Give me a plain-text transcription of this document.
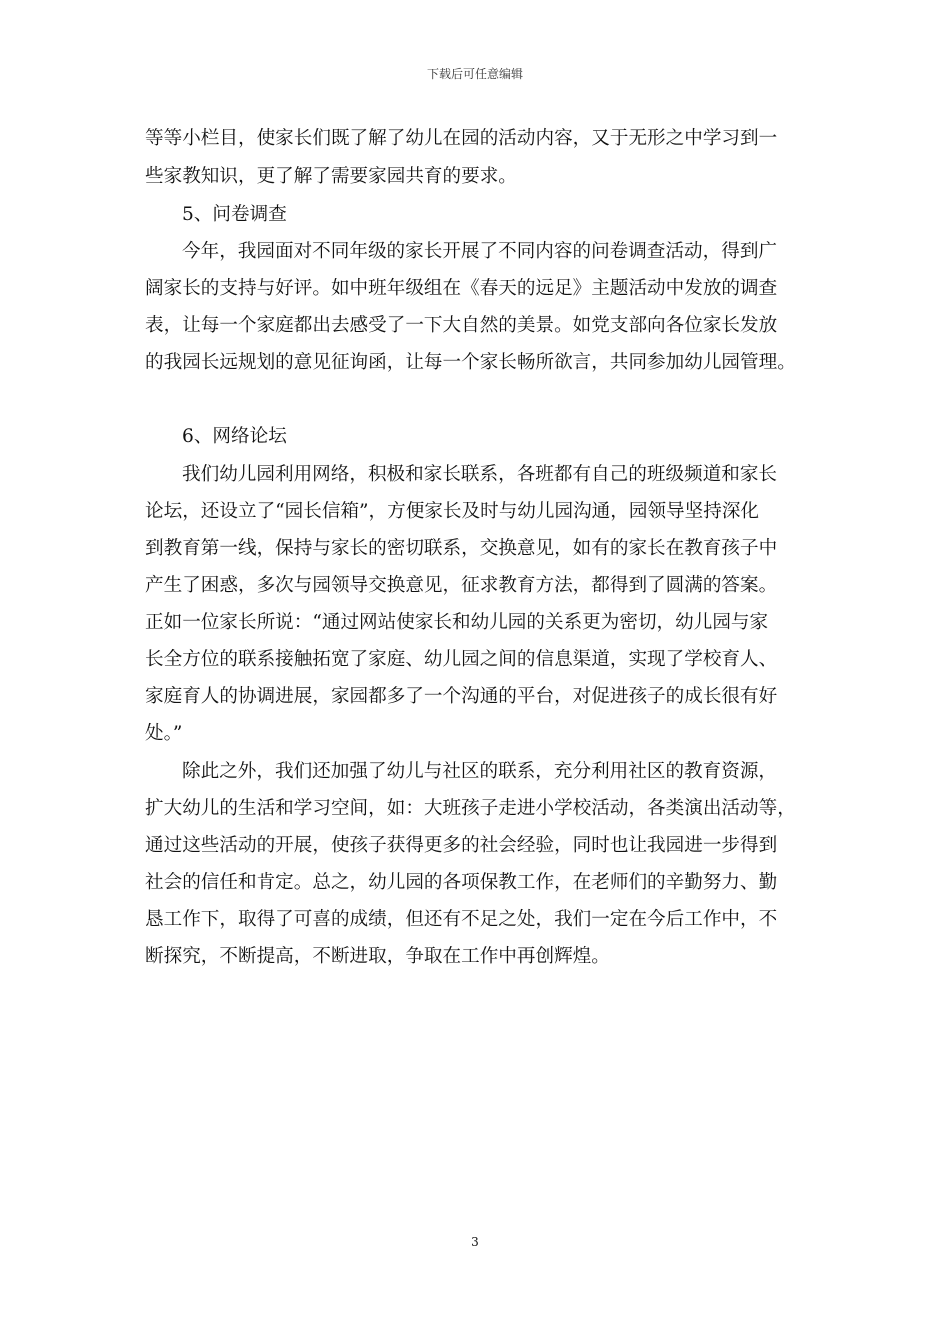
下载后可任意编辑
等等小栏目，使家长们既了解了幼儿在园的活动内容，又于无形之中学习到一
些家教知识，更了解了需要家园共育的要求。
5、问卷调查
今年，我园面对不同年级的家长开展了不同内容的问卷调查活动，得到广
阔家长的支持与好评。如中班年级组在《春天的远足》主题活动中发放的调查
表，让每一个家庭都出去感受了一下大自然的美景。如党支部向各位家长发放
的我园长远规划的意见征询函，让每一个家长畅所欲言，共同参加幼儿园管理。
6、网络论坛
我们幼儿园利用网络，积极和家长联系，各班都有自己的班级频道和家长
论坛，还设立了“园长信箱”，方便家长及时与幼儿园沟通，园领导坚持深化
到教育第一线，保持与家长的密切联系，交换意见，如有的家长在教育孩子中
产生了困惑，多次与园领导交换意见，征求教育方法，都得到了圆满的答案。
正如一位家长所说：“通过网站使家长和幼儿园的关系更为密切，幼儿园与家
长全方位的联系接触拓宽了家庭、幼儿园之间的信息渠道，实现了学校育人、
家庭育人的协调进展，家园都多了一个沟通的平台，对促进孩子的成长很有好
处。”
除此之外，我们还加强了幼儿与社区的联系，充分利用社区的教育资源，
扩大幼儿的生活和学习空间，如：大班孩子走进小学校活动，各类演出活动等，
通过这些活动的开展，使孩子获得更多的社会经验，同时也让我园进一步得到
社会的信任和肯定。总之，幼儿园的各项保教工作，在老师们的辛勤努力、勤
恳工作下，取得了可喜的成绩，但还有不足之处，我们一定在今后工作中，不
断探究，不断提高，不断进取，争取在工作中再创辉煌。
3
